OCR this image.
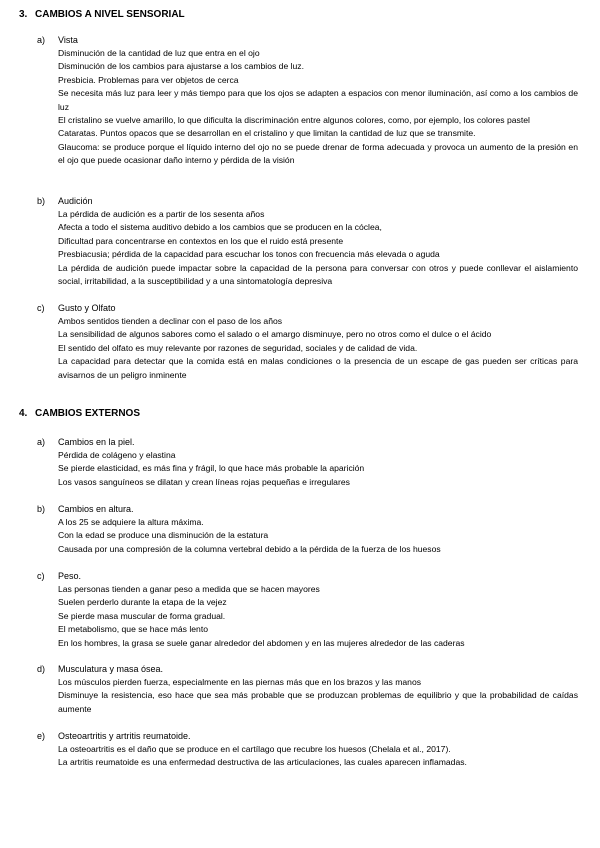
3. CAMBIOS A NIVEL SENSORIAL
a) Vista
Disminución de la cantidad de luz que entra en el ojo
Disminución de los cambios para ajustarse a los cambios de luz.
Presbicia. Problemas para ver objetos de cerca
Se necesita más luz para leer y más tiempo para que los ojos se adapten a espacios con menor iluminación, así como a los cambios de luz
El cristalino se vuelve amarillo, lo que dificulta la discriminación entre algunos colores, como, por ejemplo, los colores pastel
Cataratas. Puntos opacos que se desarrollan en el cristalino y que limitan la cantidad de luz que se transmite.
Glaucoma: se produce porque el líquido interno del ojo no se puede drenar de forma adecuada y provoca un aumento de la presión en el ojo que puede ocasionar daño interno y pérdida de la visión
b) Audición
La pérdida de audición es a partir de los sesenta años
Afecta a todo el sistema auditivo debido a los cambios que se producen en la cóclea,
Dificultad para concentrarse en contextos en los que el ruido está presente
Presbiacusia; pérdida de la capacidad para escuchar los tonos con frecuencia más elevada o aguda
La pérdida de audición puede impactar sobre la capacidad de la persona para conversar con otros y puede conllevar el aislamiento social, irritabilidad, a la susceptibilidad y a una sintomatología depresiva
c) Gusto y Olfato
Ambos sentidos tienden a declinar con el paso de los años
La sensibilidad de algunos sabores como el salado o el amargo disminuye, pero no otros como el dulce o el ácido
El sentido del olfato es muy relevante por razones de seguridad, sociales y de calidad de vida.
La capacidad para detectar que la comida está en malas condiciones o la presencia de un escape de gas pueden ser críticas para avisarnos de un peligro inminente
4. CAMBIOS EXTERNOS
a) Cambios en la piel.
Pérdida de colágeno y elastina
Se pierde elasticidad, es más fina y frágil, lo que hace más probable la aparición
Los vasos sanguíneos se dilatan y crean líneas rojas pequeñas e irregulares
b) Cambios en altura.
A los 25 se adquiere la altura máxima.
Con la edad se produce una disminución de la estatura
Causada por una compresión de la columna vertebral debido a la pérdida de la fuerza de los huesos
c) Peso.
Las personas tienden a ganar peso a medida que se hacen mayores
Suelen perderlo durante la etapa de la vejez
Se pierde masa muscular de forma gradual.
El metabolismo, que se hace más lento
En los hombres, la grasa se suele ganar alrededor del abdomen y en las mujeres alrededor de las caderas
d) Musculatura y masa ósea.
Los músculos pierden fuerza, especialmente en las piernas más que en los brazos y las manos
Disminuye la resistencia, eso hace que sea más probable que se produzcan problemas de equilibrio y que la probabilidad de caídas aumente
e) Osteoartritis y artritis reumatoide.
La osteoartritis es el daño que se produce en el cartílago que recubre los huesos (Chelala et al., 2017).
La artritis reumatoide es una enfermedad destructiva de las articulaciones, las cuales aparecen inflamadas.
